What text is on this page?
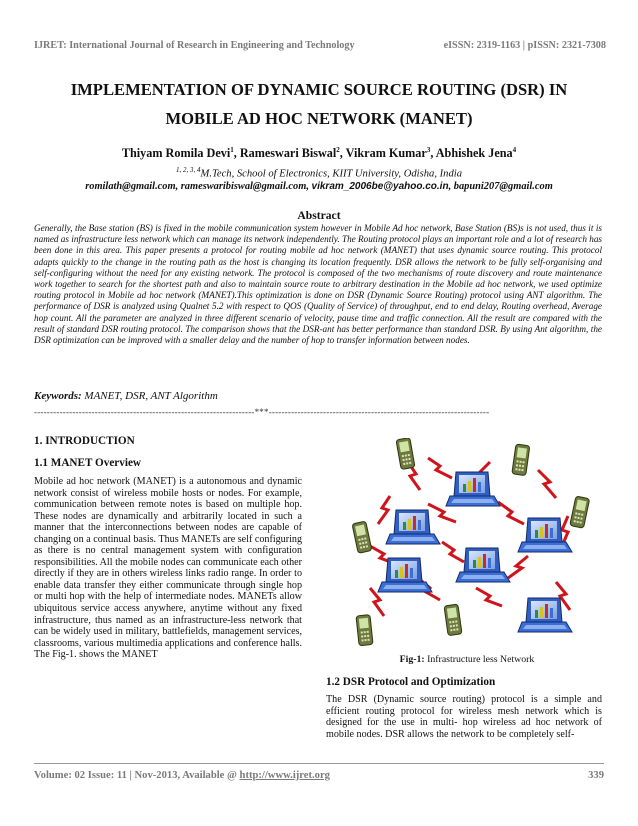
IJRET: International Journal of Research in Engineering and Technology	eISSN: 2319-1163 | pISSN: 2321-7308
IMPLEMENTATION OF DYNAMIC SOURCE ROUTING (DSR) IN
MOBILE AD HOC NETWORK (MANET)
Thiyam Romila Devi$^1$, Rameswari Biswal$^2$, Vikram Kumar$^3$, Abhishek Jena$^4$
$^{1, 2, 3, 4}$M.Tech, School of Electronics, KIIT University, Odisha, India
romilath@gmail.com, rameswaribiswal@gmail.com, vikram_2006be@yahoo.co.in, bapuni207@gmail.com
Abstract
Generally, the Base station (BS) is fixed in the mobile communication system however in Mobile Ad hoc network, Base Station (BS)s is not used, thus it is named as infrastructure less network which can manage its network independently. The Routing protocol plays an important role and a lot of research has been done in this area. This paper presents a protocol for routing mobile ad hoc network (MANET) that uses dynamic source routing. This protocol adapts quickly to the change in the routing path as the host is changing its location frequently. DSR allows the network to be fully self-organising and self-configuring without the need for any existing network. The protocol is composed of the two mechanisms of route discovery and route maintenance work together to search for the shortest path and also to maintain source route to arbitrary destination in the Mobile ad hoc network, we used optimize routing protocol in Mobile ad hoc network (MANET).This optimization is done on DSR (Dynamic Source Routing) protocol using ANT algorithm. The performance of DSR is analyzed using Qualnet 5.2 with respect to QOS (Quality of Service) of throughput, end to end delay, Routing overhead, Average hop count. All the parameter are analyzed in three different scenario of velocity, pause time and traffic connection. All the result are compared with the result of standard DSR routing protocol. The comparison shows that the DSR-ant has better performance than standard DSR. By using Ant algorithm, the DSR optimization can be improved with a smaller delay and the number of hop to transfer information between nodes.
Keywords: MANET, DSR, ANT Algorithm
---------------------------------------------------------------------***---------------------------------------------------------------------
1. INTRODUCTION
1.1 MANET Overview
Mobile ad hoc network (MANET) is a autonomous and dynamic network consist of wireless mobile hosts or nodes. For example, communication between remote notes is based on multiple hop. These nodes are dynamically and arbitrarily located in such a manner that the interconnections between nodes are capable of changing on a continual basis. Thus MANETs are self configuring as there is no central management system with configuration responsibilities. All the mobile nodes can communicate each other directly if they are in others wireless links radio range. In order to enable data transfer they either communicate through single hop or multi hop with the help of intermediate nodes. MANETs allow ubiquitous service access anywhere, anytime without any fixed infrastructure, thus named as an infrastructure-less network that can be widely used in military, battlefields, management services, classrooms, various multimedia applications and conference halls. The Fig-1. shows the MANET	Fig-1: Infrastructure less Network
1.2 DSR Protocol and Optimization
The DSR (Dynamic source routing) protocol is a simple and efficient routing protocol for wireless mesh network which is designed for the use in multi- hop wireless ad hoc network of mobile nodes. DSR allows the network to be completely self-
Volume: 02 Issue: 11 | Nov-2013, Available @ http://www.ijret.org	339
